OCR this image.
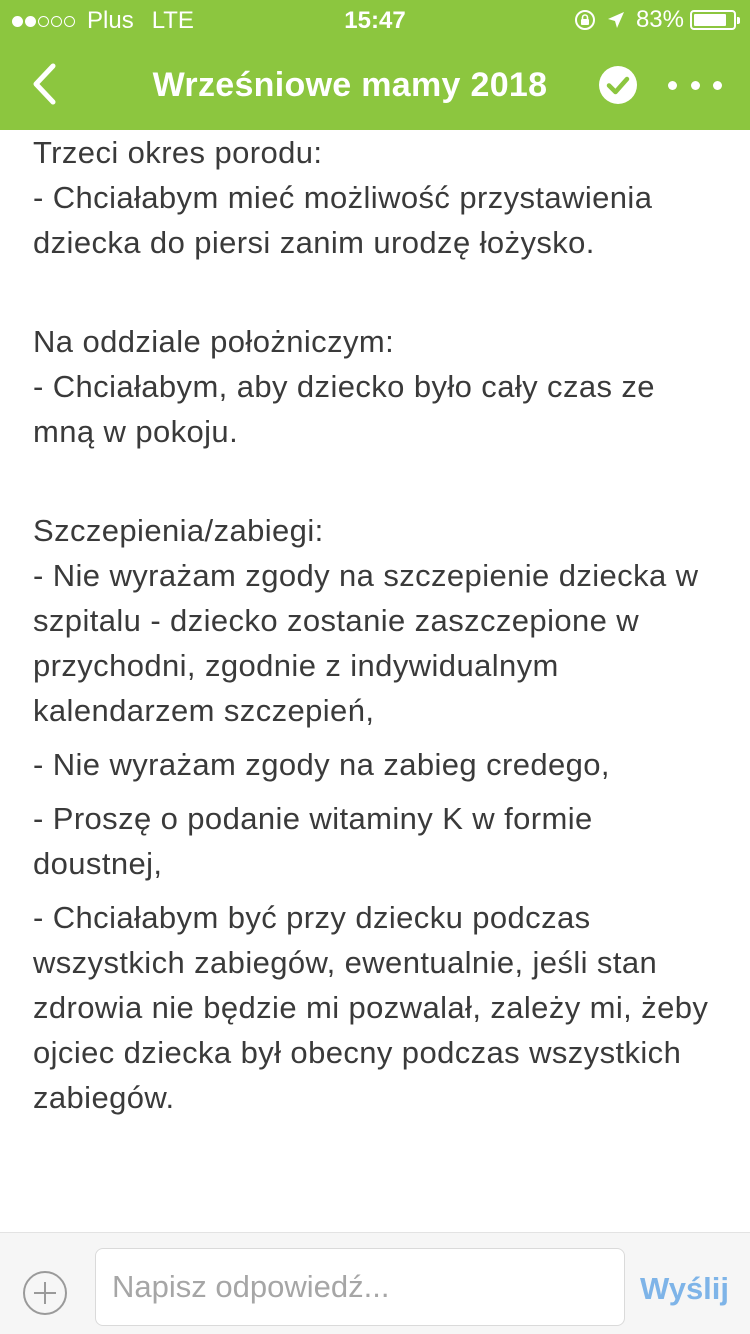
Plus LTE	15:47	83%
Wrześniowe mamy 2018

Trzeci okres porodu:

- Chciałabym mieć możliwość przystawienia dziecka do piersi zanim urodzę łożysko.

Na oddziale położniczym:

- Chciałabym, aby dziecko było cały czas ze mną w pokoju.

Szczepienia/zabiegi:

- Nie wyrażam zgody na szczepienie dziecka w szpitalu - dziecko zostanie zaszczepione w przychodni, zgodnie z indywidualnym kalendarzem szczepień,

- Nie wyrażam zgody na zabieg credego,

- Proszę o podanie witaminy K w formie doustnej,

- Chciałabym być przy dziecku podczas wszystkich zabiegów, ewentualnie, jeśli stan zdrowia nie będzie mi pozwalał, zależy mi, żeby ojciec dziecka był obecny podczas wszystkich zabiegów.

Napisz odpowiedź...
Wyślij
